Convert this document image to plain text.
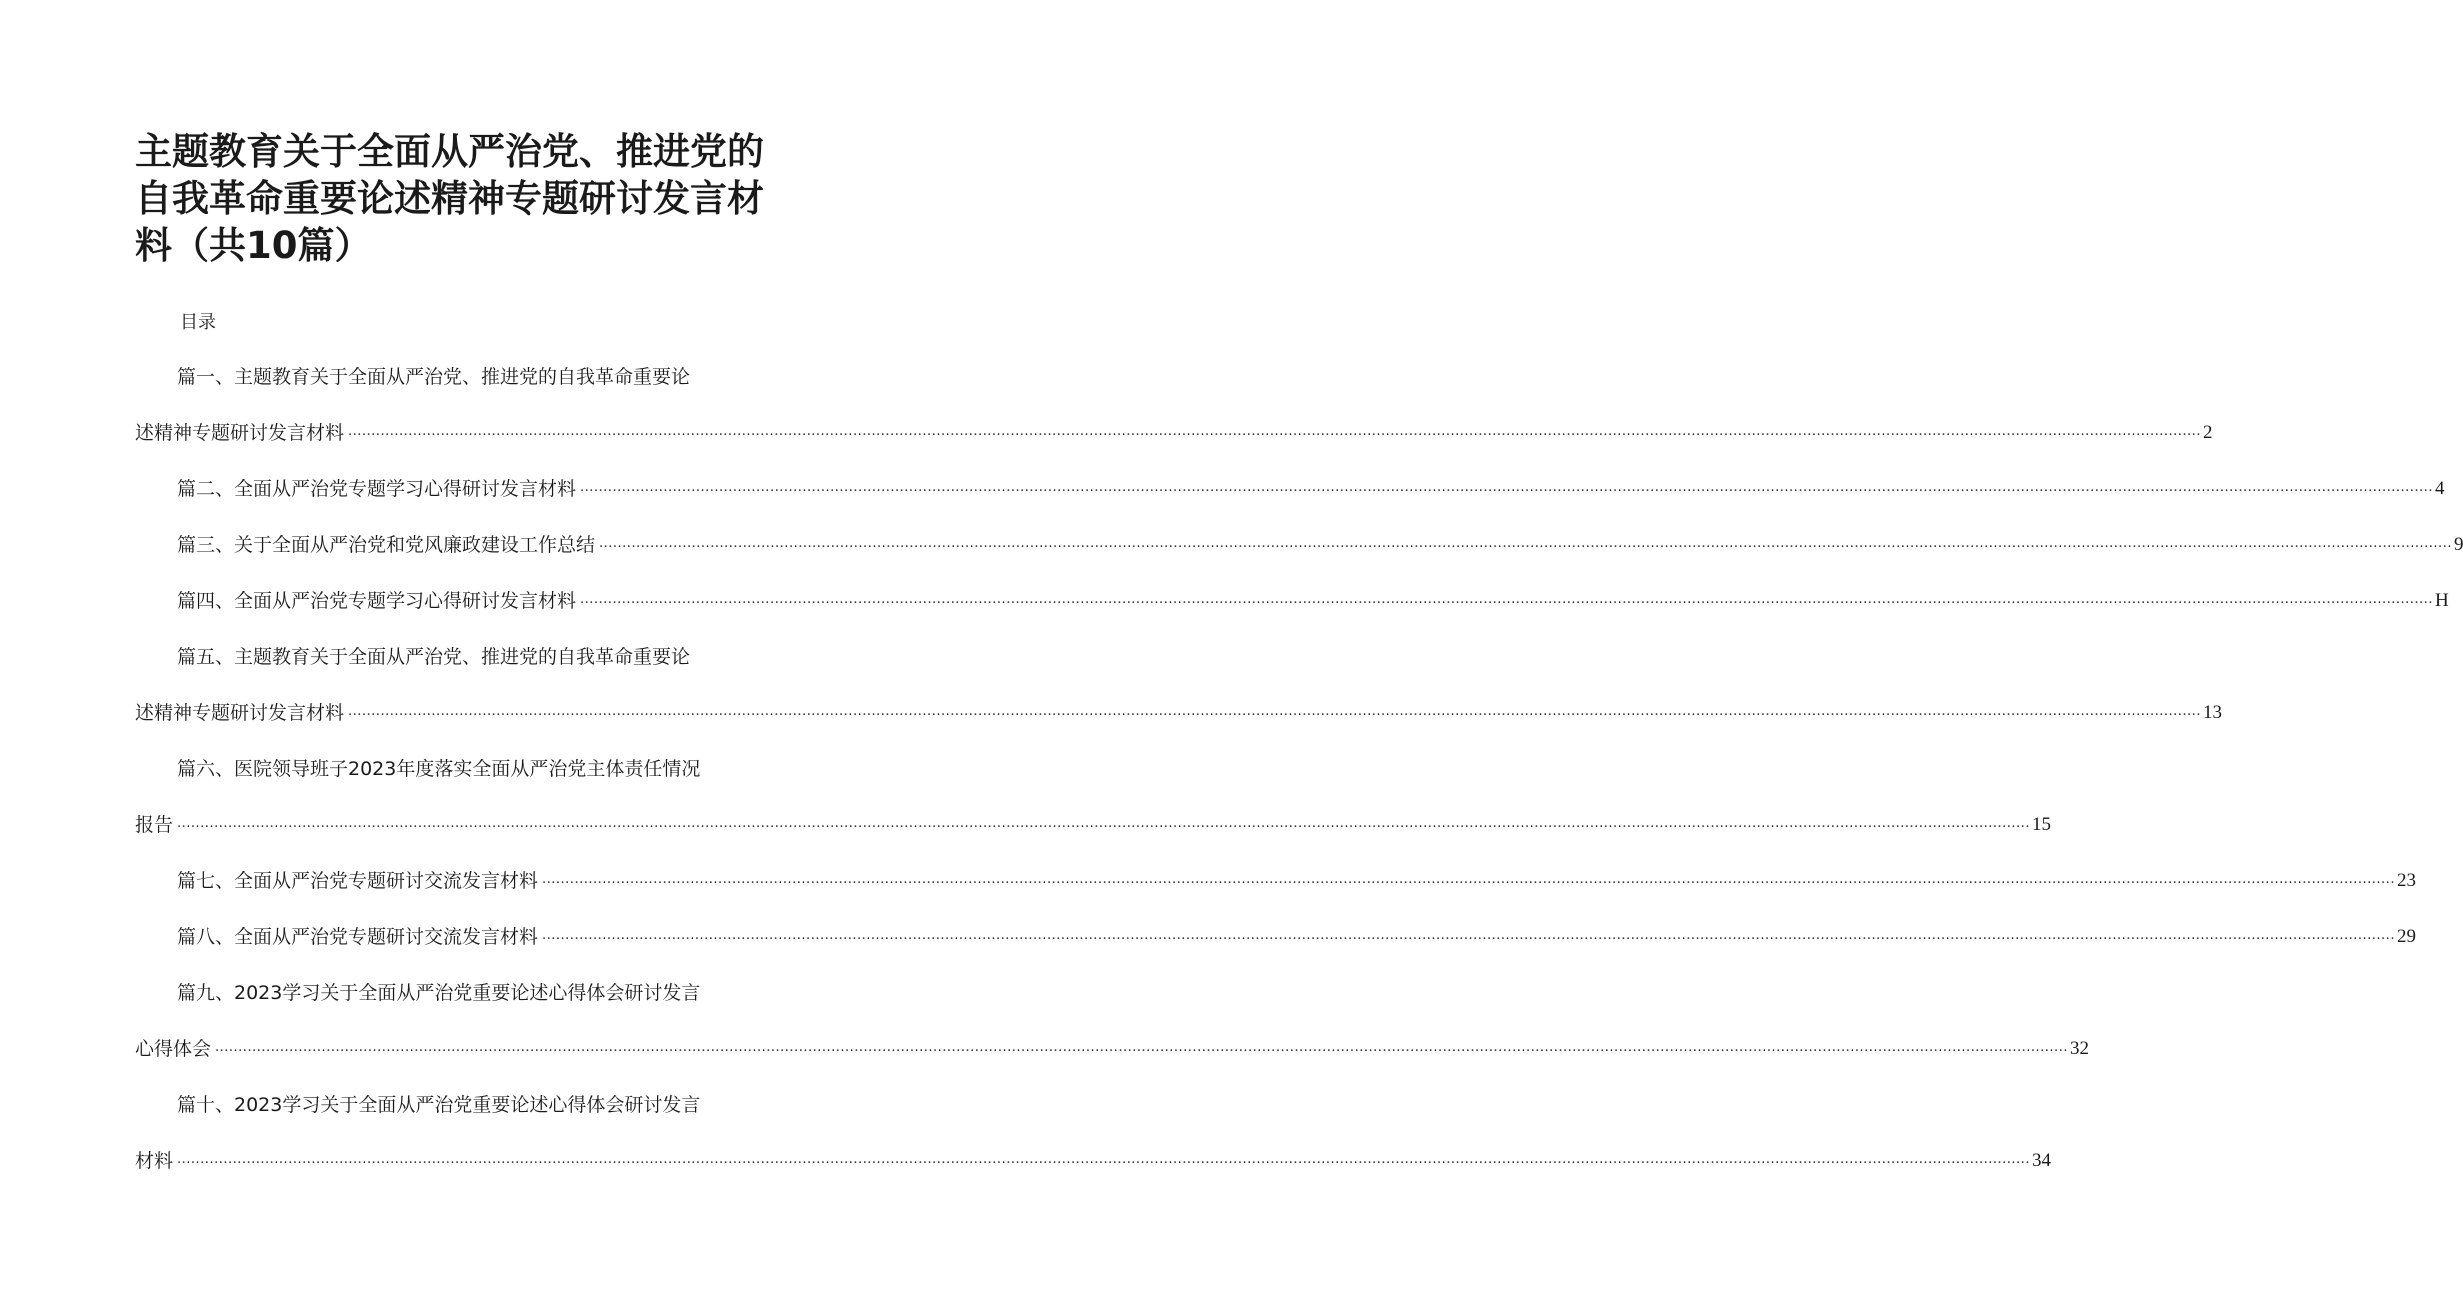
主题教育关于全面从严治党、推进党的自我革命重要论述精神专题研讨发言材料（共10篇）
目录
篇一、主题教育关于全面从严治党、推进党的自我革命重要论
述精神专题研讨发言材料 ................................................................................................................................................................................................................................................................................................................................................................................................................ 2
篇二、全面从严治党专题学习心得研讨发言材料 ................................................................................................................................................................................................................................................................................................................................................................................................................ 4
篇三、关于全面从严治党和党风廉政建设工作总结 ................................................................................................................................................................................................................................................................................................................................................................................................................ 9
篇四、全面从严治党专题学习心得研讨发言材料 ................................................................................................................................................................................................................................................................................................................................................................................................................ H
篇五、主题教育关于全面从严治党、推进党的自我革命重要论
述精神专题研讨发言材料 ................................................................................................................................................................................................................................................................................................................................................................................................................ 13
篇六、医院领导班子2023年度落实全面从严治党主体责任情况
报告 ................................................................................................................................................................................................................................................................................................................................................................................................................ 15
篇七、全面从严治党专题研讨交流发言材料 ................................................................................................................................................................................................................................................................................................................................................................................................................ 23
篇八、全面从严治党专题研讨交流发言材料 ................................................................................................................................................................................................................................................................................................................................................................................................................ 29
篇九、2023学习关于全面从严治党重要论述心得体会研讨发言
心得体会 ................................................................................................................................................................................................................................................................................................................................................................................................................ 32
篇十、2023学习关于全面从严治党重要论述心得体会研讨发言
材料 ................................................................................................................................................................................................................................................................................................................................................................................................................ 34
